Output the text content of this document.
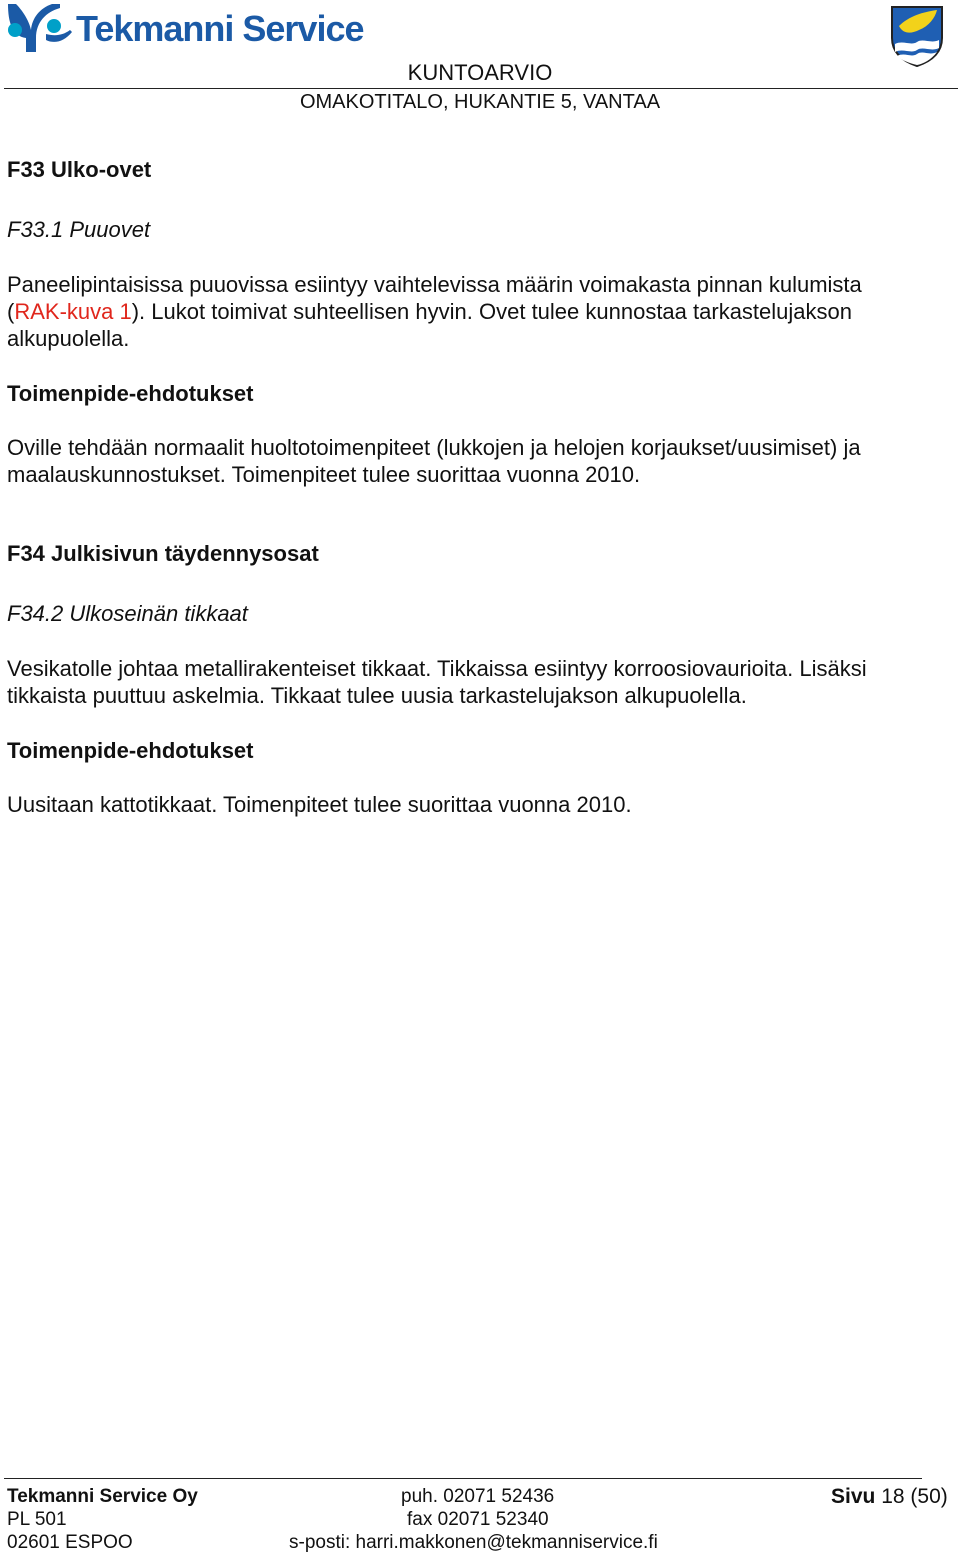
Tekmanni Service
KUNTOARVIO
OMAKOTITALO, HUKANTIE 5, VANTAA
F33 Ulko-ovet
F33.1 Puuovet
Paneelipintaisissa puuovissa esiintyy vaihtelevissa määrin voimakasta pinnan kulumista
(RAK-kuva 1). Lukot toimivat suhteellisen hyvin. Ovet tulee kunnostaa tarkastelujakson
alkupuolella.
Toimenpide-ehdotukset
Oville tehdään normaalit huoltotoimenpiteet (lukkojen ja helojen korjaukset/uusimiset) ja
maalauskunnostukset. Toimenpiteet tulee suorittaa vuonna 2010.
F34 Julkisivun täydennysosat
F34.2 Ulkoseinän tikkaat
Vesikatolle johtaa metallirakenteiset tikkaat. Tikkaissa esiintyy korroosiovaurioita. Lisäksi
tikkaista puuttuu askelmia. Tikkaat tulee uusia tarkastelujakson alkupuolella.
Toimenpide-ehdotukset
Uusitaan kattotikkaat. Toimenpiteet tulee suorittaa vuonna 2010.
Tekmanni Service Oy
PL 501
02601 ESPOO
puh. 02071 52436
fax 02071 52340
s-posti: harri.makkonen@tekmanniservice.fi
Sivu 18 (50)
